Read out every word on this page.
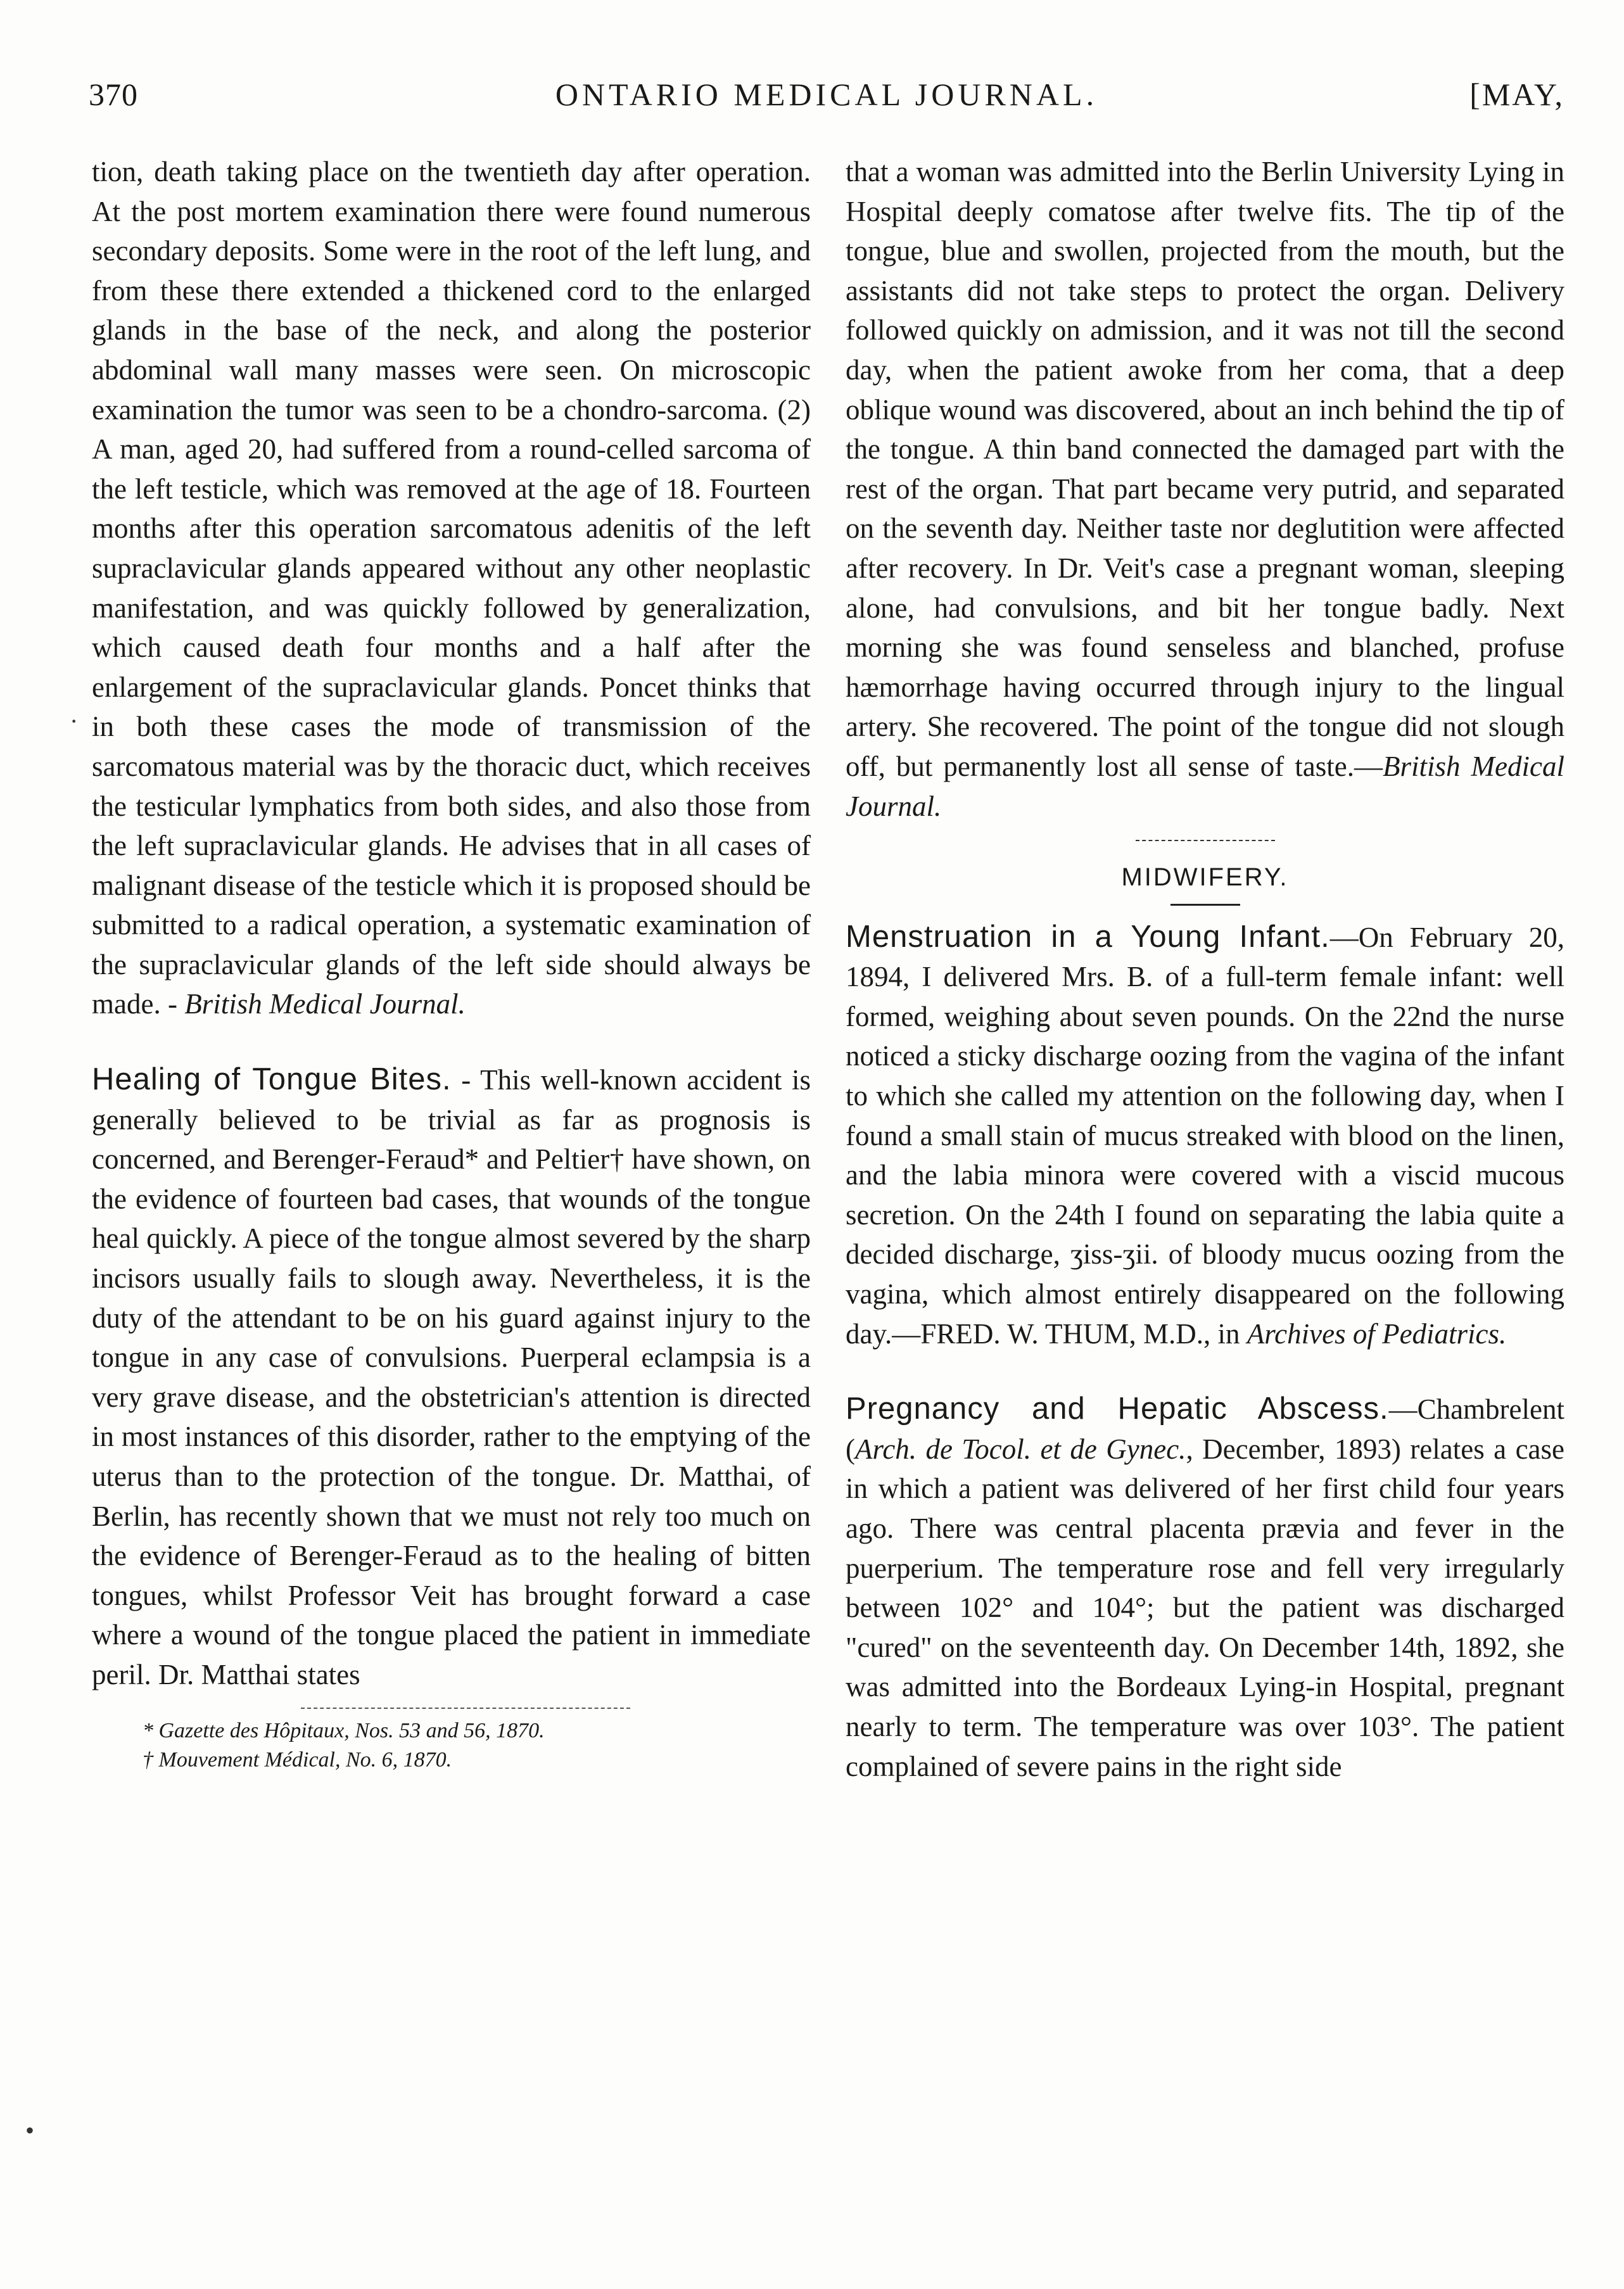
370	ONTARIO MEDICAL JOURNAL.	[MAY,

tion, death taking place on the twentieth day after operation. At the post mortem examination there were found numerous secondary deposits. Some were in the root of the left lung, and from these there extended a thickened cord to the enlarged glands in the base of the neck, and along the posterior abdominal wall many masses were seen. On microscopic examination the tumor was seen to be a chondro-sarcoma. (2) A man, aged 20, had suffered from a round-celled sarcoma of the left testicle, which was removed at the age of 18. Fourteen months after this operation sarcomatous adenitis of the left supraclavicular glands appeared without any other neoplastic manifestation, and was quickly followed by generalization, which caused death four months and a half after the enlargement of the supraclavicular glands. Poncet thinks that in both these cases the mode of transmission of the sarcomatous material was by the thoracic duct, which receives the testicular lymphatics from both sides, and also those from the left supraclavicular glands. He advises that in all cases of malignant disease of the testicle which it is proposed should be submitted to a radical operation, a systematic examination of the supraclavicular glands of the left side should always be made. - British Medical Journal.

Healing of Tongue Bites. - This well-known accident is generally believed to be trivial as far as prognosis is concerned, and Berenger-Feraud* and Peltier† have shown, on the evidence of fourteen bad cases, that wounds of the tongue heal quickly. A piece of the tongue almost severed by the sharp incisors usually fails to slough away. Nevertheless, it is the duty of the attendant to be on his guard against injury to the tongue in any case of convulsions. Puerperal eclampsia is a very grave disease, and the obstetrician's attention is directed in most instances of this disorder, rather to the emptying of the uterus than to the protection of the tongue. Dr. Matthai, of Berlin, has recently shown that we must not rely too much on the evidence of Berenger-Feraud as to the healing of bitten tongues, whilst Professor Veit has brought forward a case where a wound of the tongue placed the patient in immediate peril. Dr. Matthai states

* Gazette des Hôpitaux, Nos. 53 and 56, 1870.
† Mouvement Médical, No. 6, 1870.

that a woman was admitted into the Berlin University Lying in Hospital deeply comatose after twelve fits. The tip of the tongue, blue and swollen, projected from the mouth, but the assistants did not take steps to protect the organ. Delivery followed quickly on admission, and it was not till the second day, when the patient awoke from her coma, that a deep oblique wound was discovered, about an inch behind the tip of the tongue. A thin band connected the damaged part with the rest of the organ. That part became very putrid, and separated on the seventh day. Neither taste nor deglutition were affected after recovery. In Dr. Veit's case a pregnant woman, sleeping alone, had convulsions, and bit her tongue badly. Next morning she was found senseless and blanched, profuse hæmorrhage having occurred through injury to the lingual artery. She recovered. The point of the tongue did not slough off, but permanently lost all sense of taste.—British Medical Journal.

MIDWIFERY.

Menstruation in a Young Infant.—On February 20, 1894, I delivered Mrs. B. of a full-term female infant: well formed, weighing about seven pounds. On the 22nd the nurse noticed a sticky discharge oozing from the vagina of the infant to which she called my attention on the following day, when I found a small stain of mucus streaked with blood on the linen, and the labia minora were covered with a viscid mucous secretion. On the 24th I found on separating the labia quite a decided discharge, ʒiss-ʒii. of bloody mucus oozing from the vagina, which almost entirely disappeared on the following day.—FRED. W. THUM, M.D., in Archives of Pediatrics.

Pregnancy and Hepatic Abscess.—Chambrelent (Arch. de Tocol. et de Gynec., December, 1893) relates a case in which a patient was delivered of her first child four years ago. There was central placenta prævia and fever in the puerperium. The temperature rose and fell very irregularly between 102° and 104°; but the patient was discharged "cured" on the seventeenth day. On December 14th, 1892, she was admitted into the Bordeaux Lying-in Hospital, pregnant nearly to term. The temperature was over 103°. The patient complained of severe pains in the right side

·
•
